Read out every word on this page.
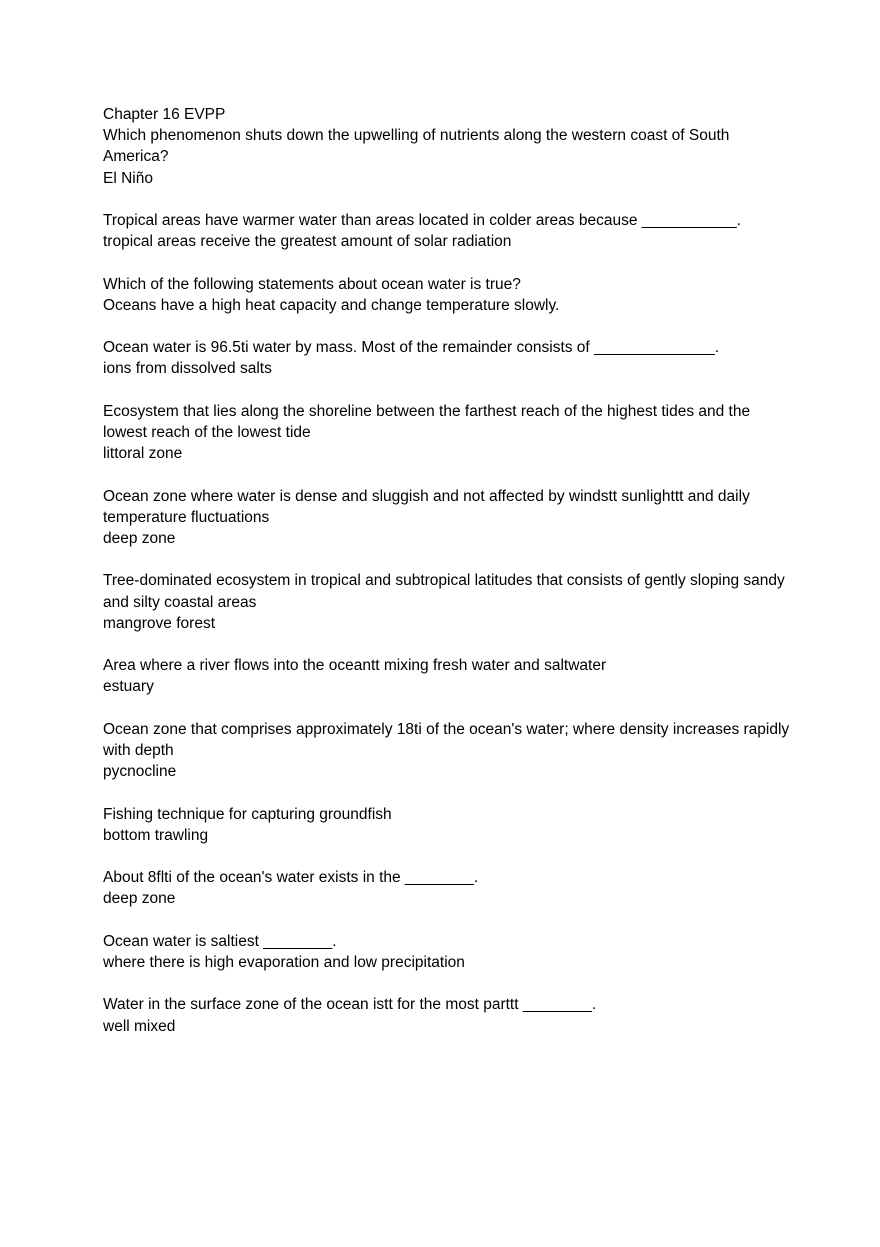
Chapter 16 EVPP

Which phenomenon shuts down the upwelling of nutrients along the western coast of South America?

El Niño

Tropical areas have warmer water than areas located in colder areas because ___________.

tropical areas receive the greatest amount of solar radiation

Which of the following statements about ocean water is true?

Oceans have a high heat capacity and change temperature slowly.

Ocean water is 96.5ti water by mass. Most of the remainder consists of ______________.

ions from dissolved salts

Ecosystem that lies along the shoreline between the farthest reach of the highest tides and the lowest reach of the lowest tide

littoral zone

Ocean zone where water is dense and sluggish and not affected by windstt sunlighttt and daily temperature fluctuations

deep zone

Tree-dominated ecosystem in tropical and subtropical latitudes that consists of gently sloping sandy and silty coastal areas

mangrove forest

Area where a river flows into the oceantt mixing fresh water and saltwater

estuary

Ocean zone that comprises approximately 18ti of the ocean's water; where density increases rapidly with depth

pycnocline

Fishing technique for capturing groundfish

bottom trawling

About 8flti of the ocean's water exists in the ________.

deep zone

Ocean water is saltiest ________.

where there is high evaporation and low precipitation

Water in the surface zone of the ocean istt for the most parttt ________.

well mixed
